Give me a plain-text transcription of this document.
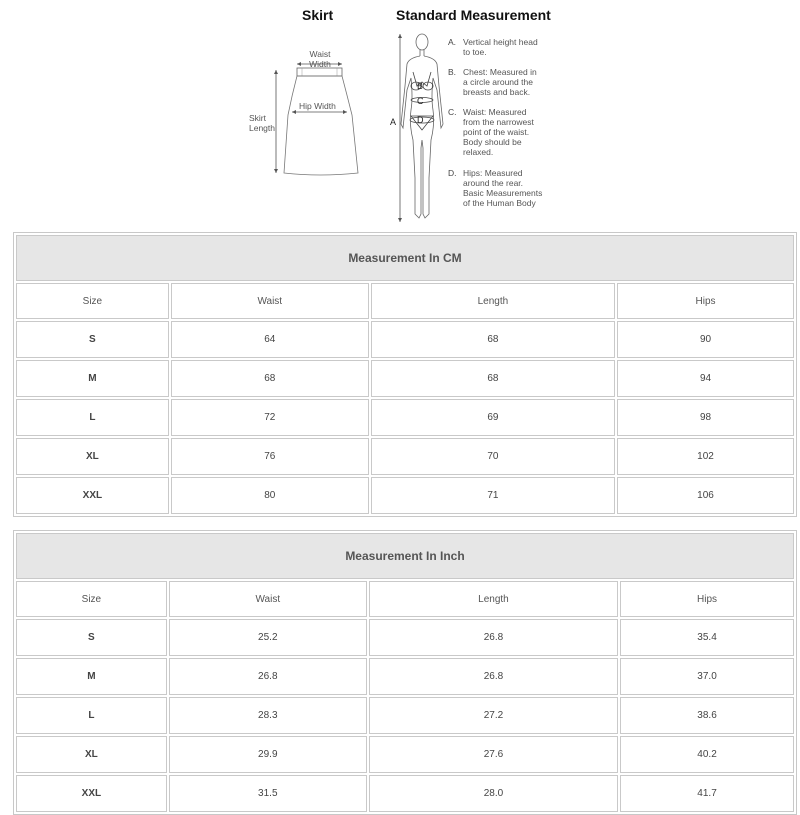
Skirt	Standard Measurement
Waist
Width
Hip Width
Skirt
Length
B
C
A D
A. Vertical height head
to toe.
B. Chest: Measured in
a circle around the
breasts and back.
C. Waist: Measured
from the narrowest
point of the waist.
Body should be
relaxed.
D. Hips: Measured
around the rear.
Basic Measurements
of the Human Body
Measurement In CM			
Size	Waist	Length	Hips
S	64	68	90
M	68	68	94
L	72	69	98
XL	76	70	102
XXL	80	71	106
Measurement In Inch			
Size	Waist	Length	Hips
S	25.2	26.8	35.4
M	26.8	26.8	37.0
L	28.3	27.2	38.6
XL	29.9	27.6	40.2
XXL	31.5	28.0	41.7
